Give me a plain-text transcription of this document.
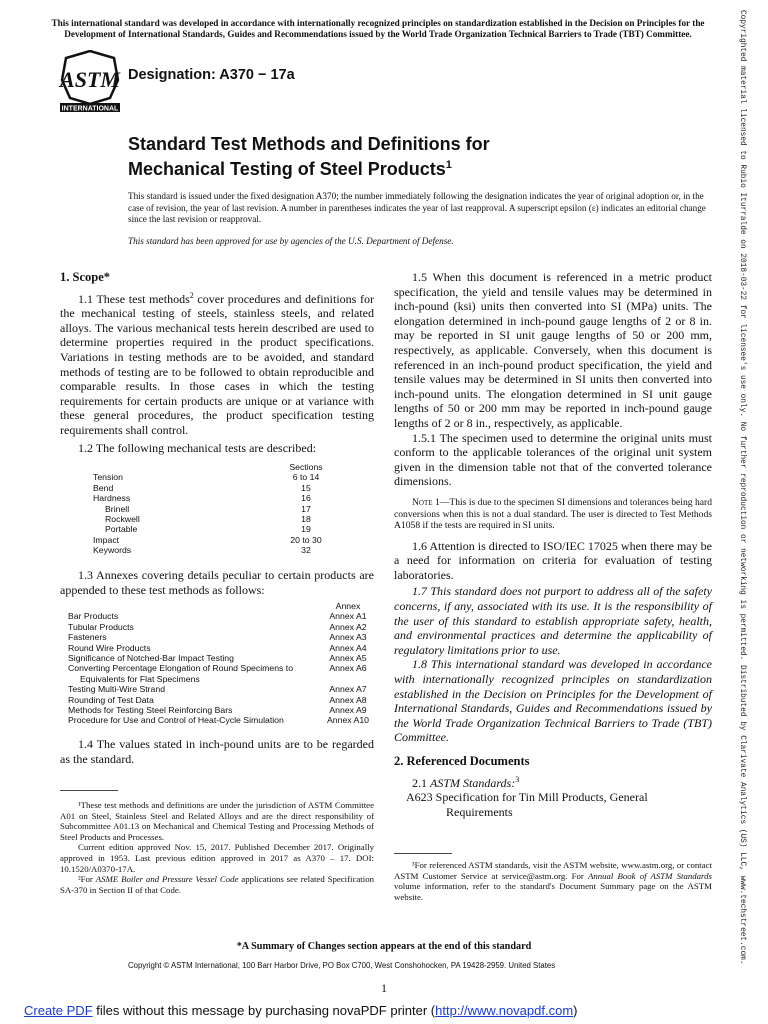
This international standard was developed in accordance with internationally recognized principles on standardization established in the Decision on Principles for the Development of International Standards, Guides and Recommendations issued by the World Trade Organization Technical Barriers to Trade (TBT) Committee.
ASTM
INTERNATIONAL
Designation: A370 − 17a
Standard Test Methods and Definitions for
Mechanical Testing of Steel Products$^1$
This standard is issued under the fixed designation A370; the number immediately following the designation indicates the year of original adoption or, in the case of revision, the year of last revision. A number in parentheses indicates the year of last reapproval. A superscript epsilon (ε) indicates an editorial change since the last revision or reapproval.
This standard has been approved for use by agencies of the U.S. Department of Defense.

1. Scope*

1.1 These test methods$^2$ cover procedures and definitions for the mechanical testing of steels, stainless steels, and related alloys. The various mechanical tests herein described are used to determine properties required in the product specifications. Variations in testing methods are to be avoided, and standard methods of testing are to be followed to obtain reproducible and comparable results. In those cases in which the testing requirements for certain products are unique or at variance with these general procedures, the product specification testing requirements shall control.

1.2 The following mechanical tests are described:

Sections
Tension	6 to 14
Bend	15
Hardness	16
Brinell	17
Rockwell	18
Portable	19
Impact	20 to 30
Keywords	32

1.3 Annexes covering details peculiar to certain products are appended to these test methods as follows:

Annex
Bar Products	Annex A1
Tubular Products	Annex A2
Fasteners	Annex A3
Round Wire Products	Annex A4
Significance of Notched-Bar Impact Testing	Annex A5
Converting Percentage Elongation of Round Specimens to	Annex A6
Equivalents for Flat Specimens
Testing Multi-Wire Strand	Annex A7
Rounding of Test Data	Annex A8
Methods for Testing Steel Reinforcing Bars	Annex A9
Procedure for Use and Control of Heat-Cycle Simulation	Annex A10

1.4 The values stated in inch-pound units are to be regarded as the standard.

¹These test methods and definitions are under the jurisdiction of ASTM Committee A01 on Steel, Stainless Steel and Related Alloys and are the direct responsibility of Subcommittee A01.13 on Mechanical and Chemical Testing and Processing Methods of Steel Products and Processes.

Current edition approved Nov. 15, 2017. Published December 2017. Originally approved in 1953. Last previous edition approved in 2017 as A370 – 17. DOI: 10.1520/A0370-17A.

²For ASME Boiler and Pressure Vessel Code applications see related Specification SA-370 in Section II of that Code.

1.5 When this document is referenced in a metric product specification, the yield and tensile values may be determined in inch-pound (ksi) units then converted into SI (MPa) units. The elongation determined in inch-pound gauge lengths of 2 or 8 in. may be reported in SI unit gauge lengths of 50 or 200 mm, respectively, as applicable. Conversely, when this document is referenced in an inch-pound product specification, the yield and tensile values may be determined in SI units then converted into inch-pound units. The elongation determined in SI unit gauge lengths of 50 or 200 mm may be reported in inch-pound gauge lengths of 2 or 8 in., respectively, as applicable.

1.5.1 The specimen used to determine the original units must conform to the applicable tolerances of the original unit system given in the dimension table not that of the converted tolerance dimensions.

Note 1—This is due to the specimen SI dimensions and tolerances being hard conversions when this is not a dual standard. The user is directed to Test Methods A1058 if the tests are required in SI units.

1.6 Attention is directed to ISO/IEC 17025 when there may be a need for information on criteria for evaluation of testing laboratories.

1.7 This standard does not purport to address all of the safety concerns, if any, associated with its use. It is the responsibility of the user of this standard to establish appropriate safety, health, and environmental practices and determine the applicability of regulatory limitations prior to use.

1.8 This international standard was developed in accordance with internationally recognized principles on standardization established in the Decision on Principles for the Development of International Standards, Guides and Recommendations issued by the World Trade Organization Technical Barriers to Trade (TBT) Committee.

2. Referenced Documents

2.1 ASTM Standards:$^3$

A623 Specification for Tin Mill Products, General Requirements

³For referenced ASTM standards, visit the ASTM website, www.astm.org, or contact ASTM Customer Service at service@astm.org. For Annual Book of ASTM Standards volume information, refer to the standard's Document Summary page on the ASTM website.

*A Summary of Changes section appears at the end of this standard
Copyright © ASTM International, 100 Barr Harbor Drive, PO Box C700, West Conshohocken, PA 19428-2959. United States
1
Create PDF files without this message by purchasing novaPDF printer (http://www.novapdf.com)
Copyrighted material licensed to Rubio Iturralde on 2018-03-22 for licensee's use only. No further reproduction or networking is permitted. Distributed by Clarivate Analytics (US) LLC, www.techstreet.com.
